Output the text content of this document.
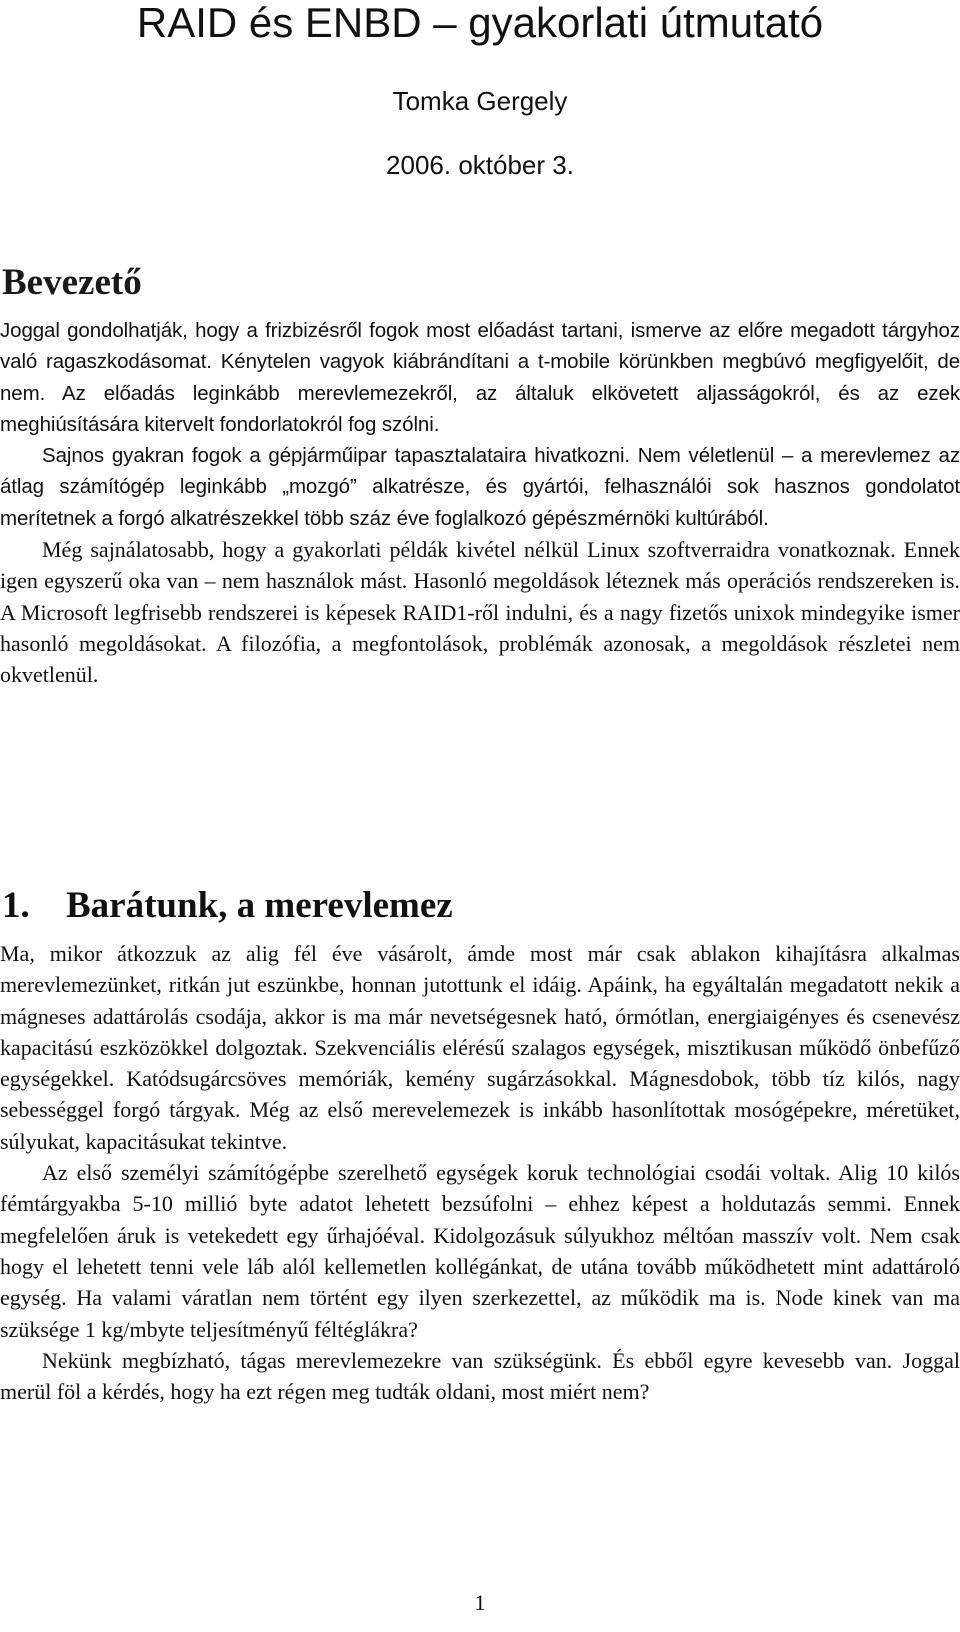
RAID és ENBD – gyakorlati útmutató
Tomka Gergely
2006. október 3.
Bevezető

Joggal gondolhatják, hogy a frizbizésről fogok most előadást tartani, ismerve az előre megadott tárgyhoz való ragaszkodásomat. Kénytelen vagyok kiábrándítani a t-mobile körünkben megbúvó megfigyelőit, de nem. Az előadás leginkább merevlemezekről, az általuk elkövetett aljasságokról, és az ezek meghiúsítására kitervelt fondorlatokról fog szólni.

Sajnos gyakran fogok a gépjárműipar tapasztalataira hivatkozni. Nem véletlenül – a merevlemez az átlag számítógép leginkább „mozgó” alkatrésze, és gyártói, felhasználói sok hasznos gondolatot merítetnek a forgó alkatrészekkel több száz éve foglalkozó gépészmérnöki kultúrából.

Még sajnálatosabb, hogy a gyakorlati példák kivétel nélkül Linux szoftverraidra vonatkoznak. Ennek igen egyszerű oka van – nem használok mást. Hasonló megoldások léteznek más operációs rendszereken is. A Microsoft legfrisebb rendszerei is képesek RAID1-ről indulni, és a nagy fizetős unixok mindegyike ismer hasonló megoldásokat. A filozófia, a megfontolások, problémák azonosak, a megoldások részletei nem okvetlenül.

1. Barátunk, a merevlemez

Ma, mikor átkozzuk az alig fél éve vásárolt, ámde most már csak ablakon kihajításra alkalmas merevlemezünket, ritkán jut eszünkbe, honnan jutottunk el idáig. Apáink, ha egyáltalán megadatott nekik a mágneses adattárolás csodája, akkor is ma már nevetségesnek ható, órmótlan, energiaigényes és csenevész kapacitású eszközökkel dolgoztak. Szekvenciális elérésű szalagos egységek, misztikusan működő önbefűző egységekkel. Katódsugárcsöves memóriák, kemény sugárzásokkal. Mágnesdobok, több tíz kilós, nagy sebességgel forgó tárgyak. Még az első merevelemezek is inkább hasonlítottak mosógépekre, méretüket, súlyukat, kapacitásukat tekintve.

Az első személyi számítógépbe szerelhető egységek koruk technológiai csodái voltak. Alig 10 kilós fémtárgyakba 5-10 millió byte adatot lehetett bezsúfolni – ehhez képest a holdutazás semmi. Ennek megfelelően áruk is vetekedett egy űrhajóéval. Kidolgozásuk súlyukhoz méltóan masszív volt. Nem csak hogy el lehetett tenni vele láb alól kellemetlen kollégánkat, de utána tovább működhetett mint adattároló egység. Ha valami váratlan nem történt egy ilyen szerkezettel, az működik ma is. Node kinek van ma szüksége 1 kg/mbyte teljesítményű féltéglákra?

Nekünk megbízható, tágas merevlemezekre van szükségünk. És ebből egyre kevesebb van. Joggal merül föl a kérdés, hogy ha ezt régen meg tudták oldani, most miért nem?

1
